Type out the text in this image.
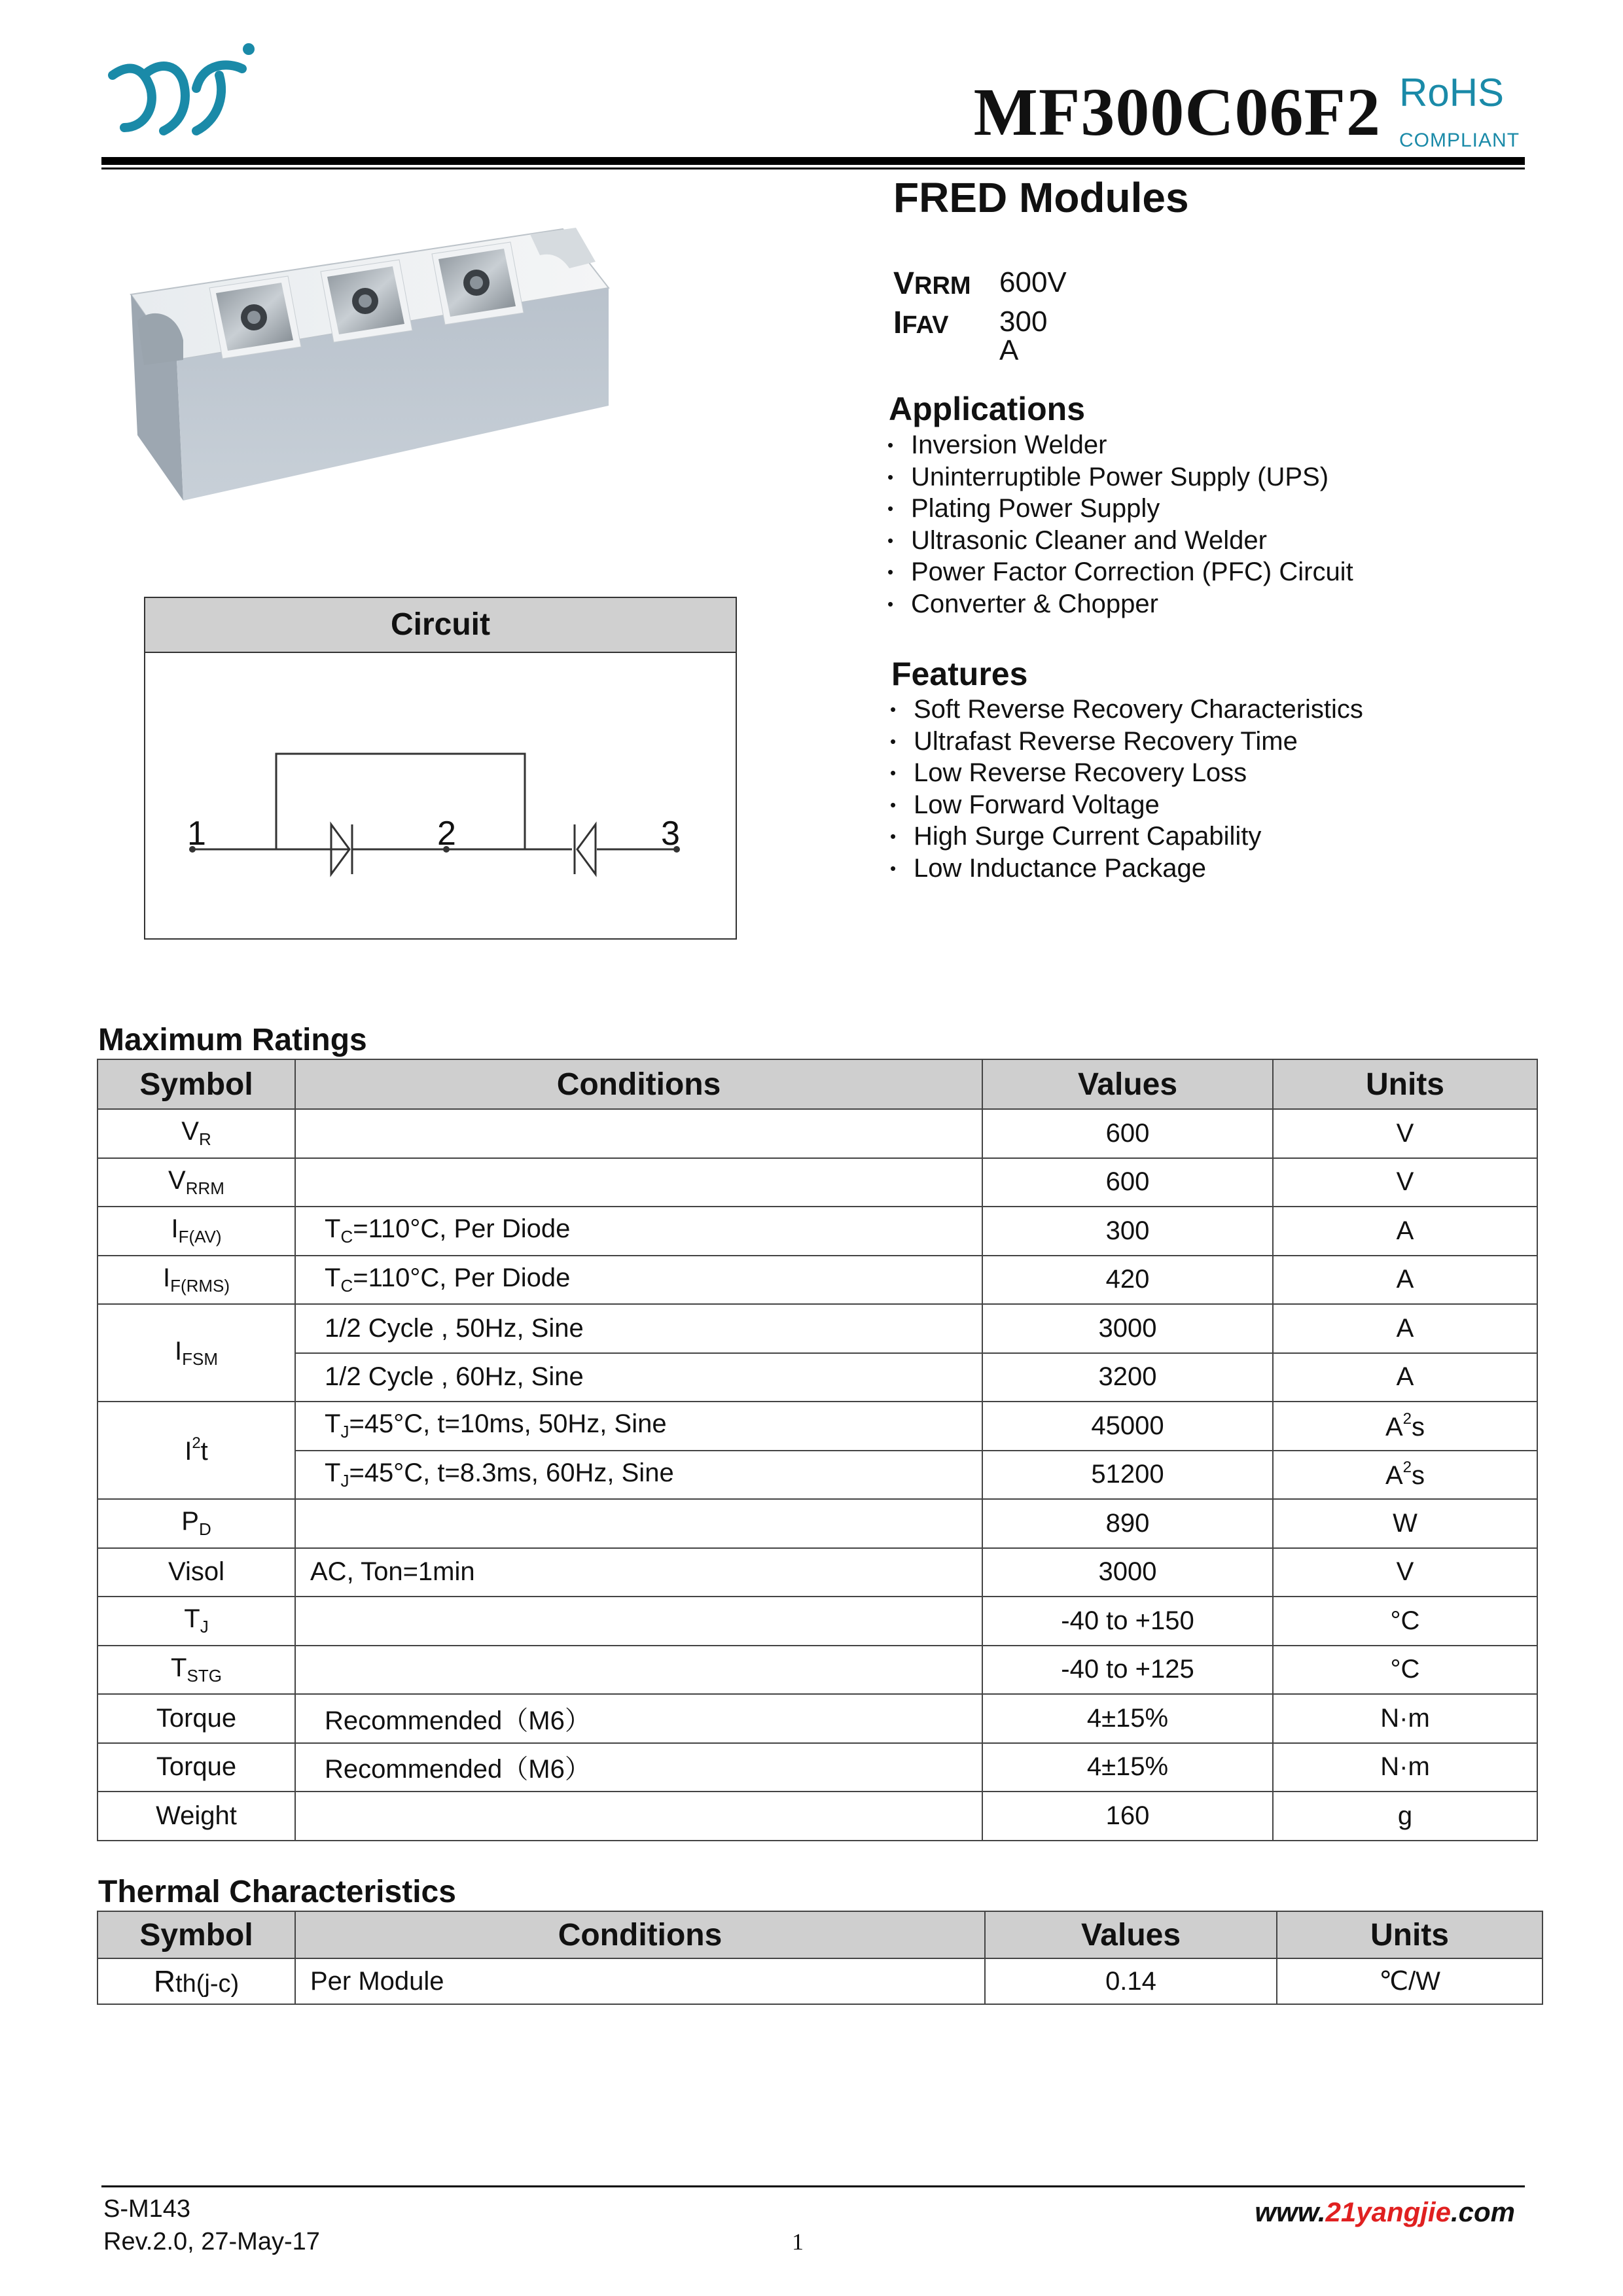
MF300C06F2 RoHS
COMPLIANT
FRED Modules
VRRM 600V
IFAV 300 A
Applications
• Inversion Welder
• Uninterruptible Power Supply (UPS)
• Plating Power Supply
• Ultrasonic Cleaner and Welder
• Power Factor Correction (PFC) Circuit
• Converter & Chopper
Features
• Soft Reverse Recovery Characteristics
• Ultrafast Reverse Recovery Time
• Low Reverse Recovery Loss
• Low Forward Voltage
• High Surge Current Capability
• Low Inductance Package
Circuit
1	2	3
Maximum Ratings
Symbol	Conditions	Values	Units
$V_R$		600	V
$V_{RRM}$		600	V
$I_{F(AV)}$	$T_C=110^\circ C$, Per Diode	300	A
$I_{F(RMS)}$	$T_C=110^\circ C$, Per Diode	420	A
$I_{FSM}$	1/2 Cycle , 50Hz, Sine	3000	A
	1/2 Cycle , 60Hz, Sine	3200	A
$I^2t$	$T_J=45^\circ C$, t=10ms, 50Hz, Sine	45000	$A^2s$
	$T_J=45^\circ C$, t=8.3ms, 60Hz, Sine	51200	$A^2s$
$P_D$		890	W
Visol	AC, Ton=1min	3000	V
$T_J$		-40 to +150	°C
$T_{STG}$		-40 to +125	°C
Torque	Recommended（M6）	4±15%	N·m
Torque	Recommended（M6）	4±15%	N·m
Weight		160	g
Thermal Characteristics
Symbol	Conditions	Values	Units
Rth(j-c)	Per Module	0.14	℃/W
S-M143
Rev.2.0, 27-May-17	1
www.21yangjie.com
